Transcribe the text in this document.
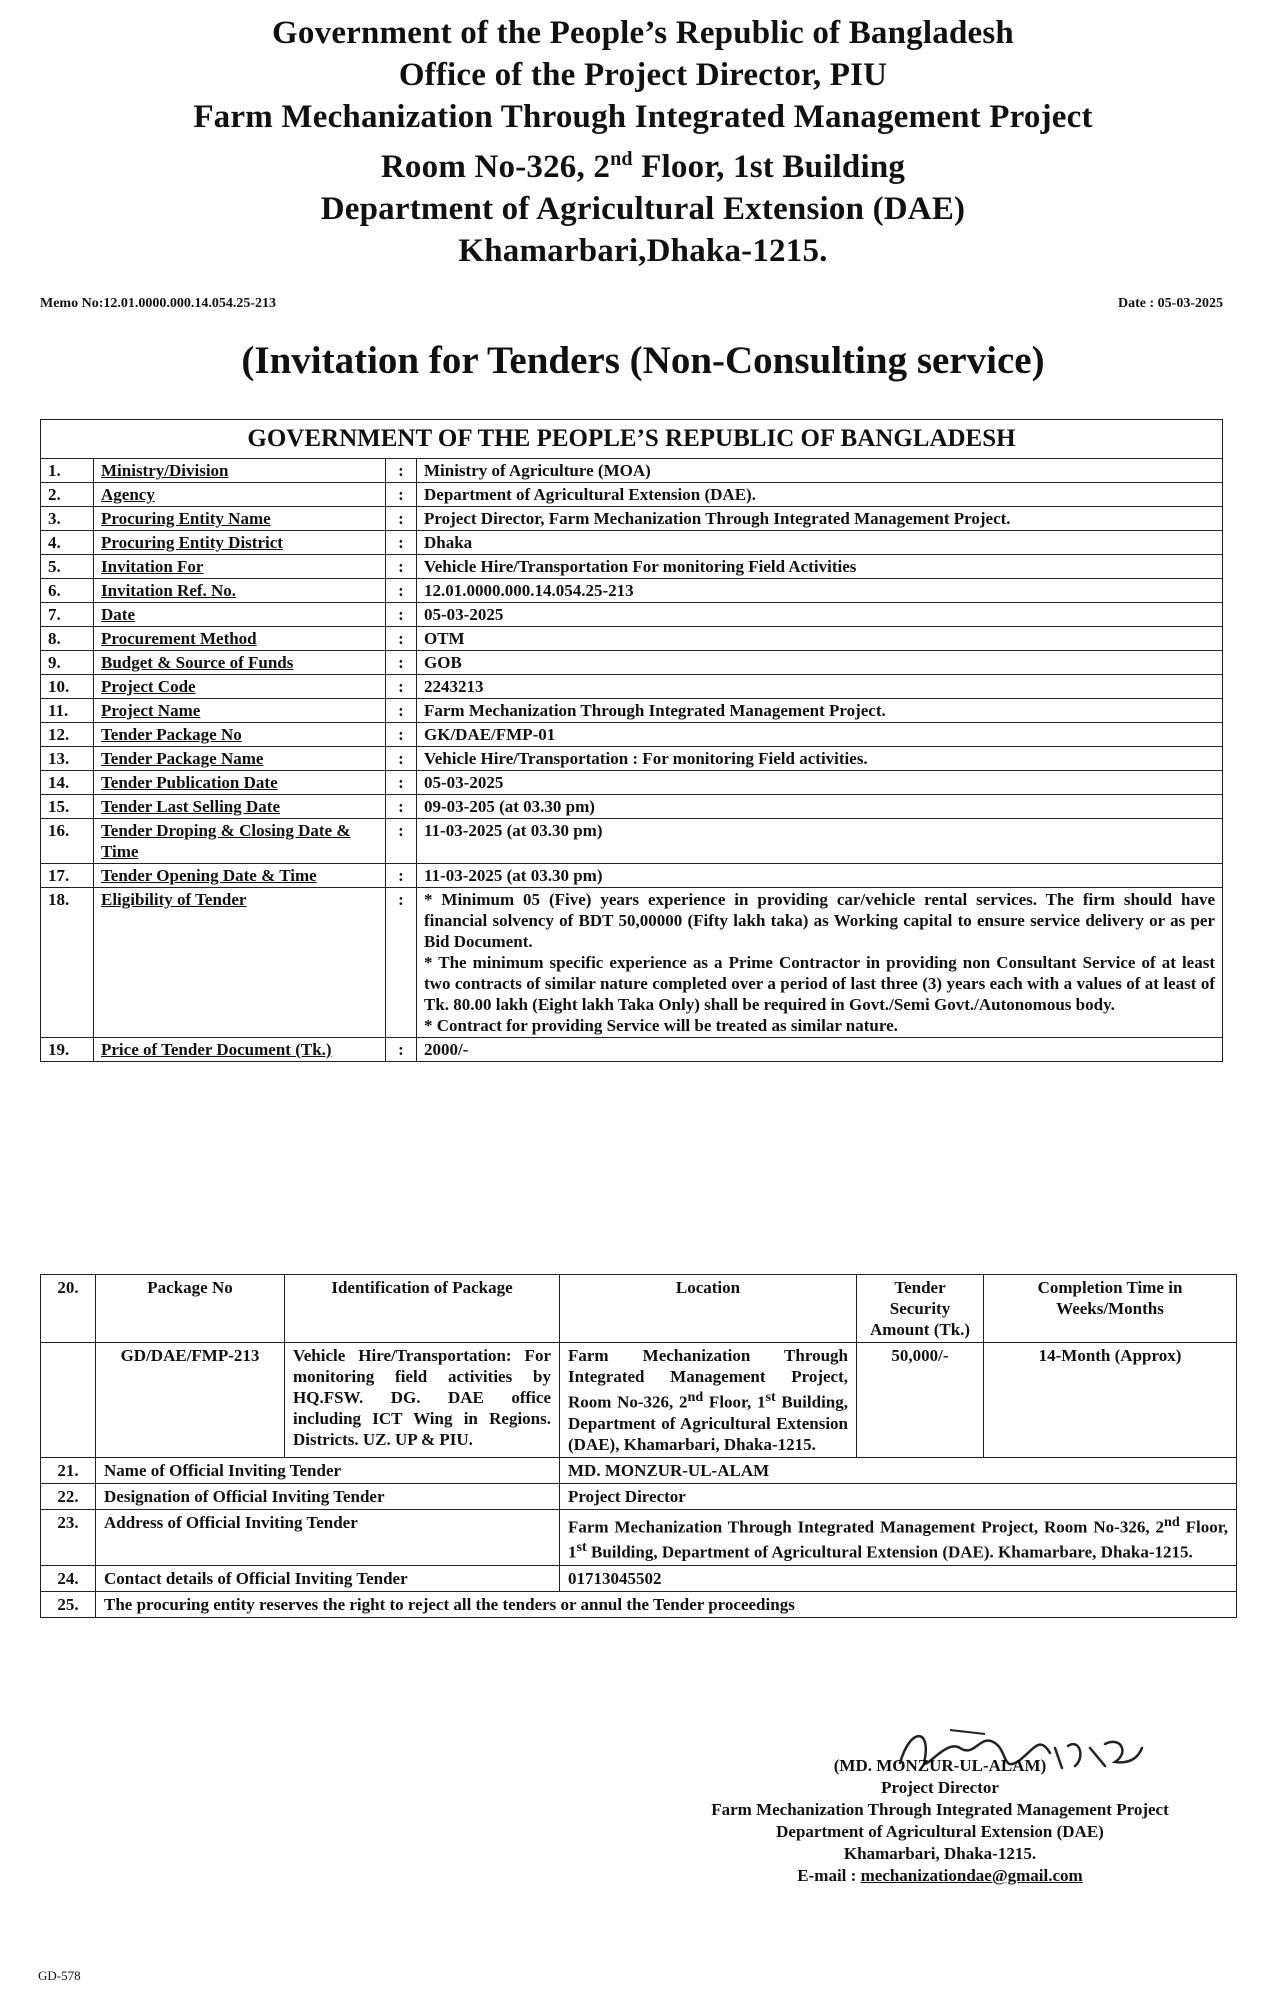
Government of the People’s Republic of Bangladesh
Office of the Project Director, PIU
Farm Mechanization Through Integrated Management Project
Room No-326, 2nd Floor, 1st Building
Department of Agricultural Extension (DAE)
Khamarbari,Dhaka-1215.
Memo No:12.01.0000.000.14.054.25-213	Date : 05-03-2025
(Invitation for Tenders (Non-Consulting service)
GOVERNMENT OF THE PEOPLE’S REPUBLIC OF BANGLADESH			
1.	Ministry/Division	:	Ministry of Agriculture (MOA)
2.	Agency	:	Department of Agricultural Extension (DAE).
3.	Procuring Entity Name	:	Project Director, Farm Mechanization Through Integrated Management Project.
4.	Procuring Entity District	:	Dhaka
5.	Invitation For	:	Vehicle Hire/Transportation For monitoring Field Activities
6.	Invitation Ref. No.	:	12.01.0000.000.14.054.25-213
7.	Date	:	05-03-2025
8.	Procurement Method	:	OTM
9.	Budget & Source of Funds	:	GOB
10.	Project Code	:	2243213
11.	Project Name	:	Farm Mechanization Through Integrated Management Project.
12.	Tender Package No	:	GK/DAE/FMP-01
13.	Tender Package Name	:	Vehicle Hire/Transportation : For monitoring Field activities.
14.	Tender Publication Date	:	05-03-2025
15.	Tender Last Selling Date	:	09-03-205 (at 03.30 pm)
16.	Tender Droping & Closing Date & Time	:	11-03-2025 (at 03.30 pm)
17.	Tender Opening Date & Time	:	11-03-2025 (at 03.30 pm)
18.	Eligibility of Tender	:	* Minimum 05 (Five) years experience in providing car/vehicle rental services. The firm should have financial solvency of BDT 50,00000 (Fifty lakh taka) as Working capital to ensure service delivery or as per Bid Document.
* The minimum specific experience as a Prime Contractor in providing non Consultant Service of at least two contracts of similar nature completed over a period of last three (3) years each with a values of at least of Tk. 80.00 lakh (Eight lakh Taka Only) shall be required in Govt./Semi Govt./Autonomous body.
* Contract for providing Service will be treated as similar nature.

19.	Price of Tender Document (Tk.)	:	2000/-
20.	Package No	Identification of Package	Location	Tender Security Amount (Tk.)	Completion Time in Weeks/Months
	GD/DAE/FMP-213	Vehicle Hire/Transportation: For monitoring field activities by HQ.FSW. DG. DAE office including ICT Wing in Regions. Districts. UZ. UP & PIU.	Farm Mechanization Through Integrated Management Project, Room No-326, 2nd Floor, 1st Building, Department of Agricultural Extension (DAE), Khamarbari, Dhaka-1215.	50,000/-	14-Month (Approx)
21.	Name of Official Inviting Tender		MD. MONZUR-UL-ALAM		
22.	Designation of Official Inviting Tender		Project Director		
23.	Address of Official Inviting Tender		Farm Mechanization Through Integrated Management Project, Room No-326, 2nd Floor, 1st Building, Department of Agricultural Extension (DAE). Khamarbare, Dhaka-1215.		
24.	Contact details of Official Inviting Tender		01713045502		
25.	The procuring entity reserves the right to reject all the tenders or annul the Tender proceedings				
(MD. MONZUR-UL-ALAM)
Project Director
Farm Mechanization Through Integrated Management Project
Department of Agricultural Extension (DAE)
Khamarbari, Dhaka-1215.
E-mail : mechanizationdae@gmail.com
GD-578
